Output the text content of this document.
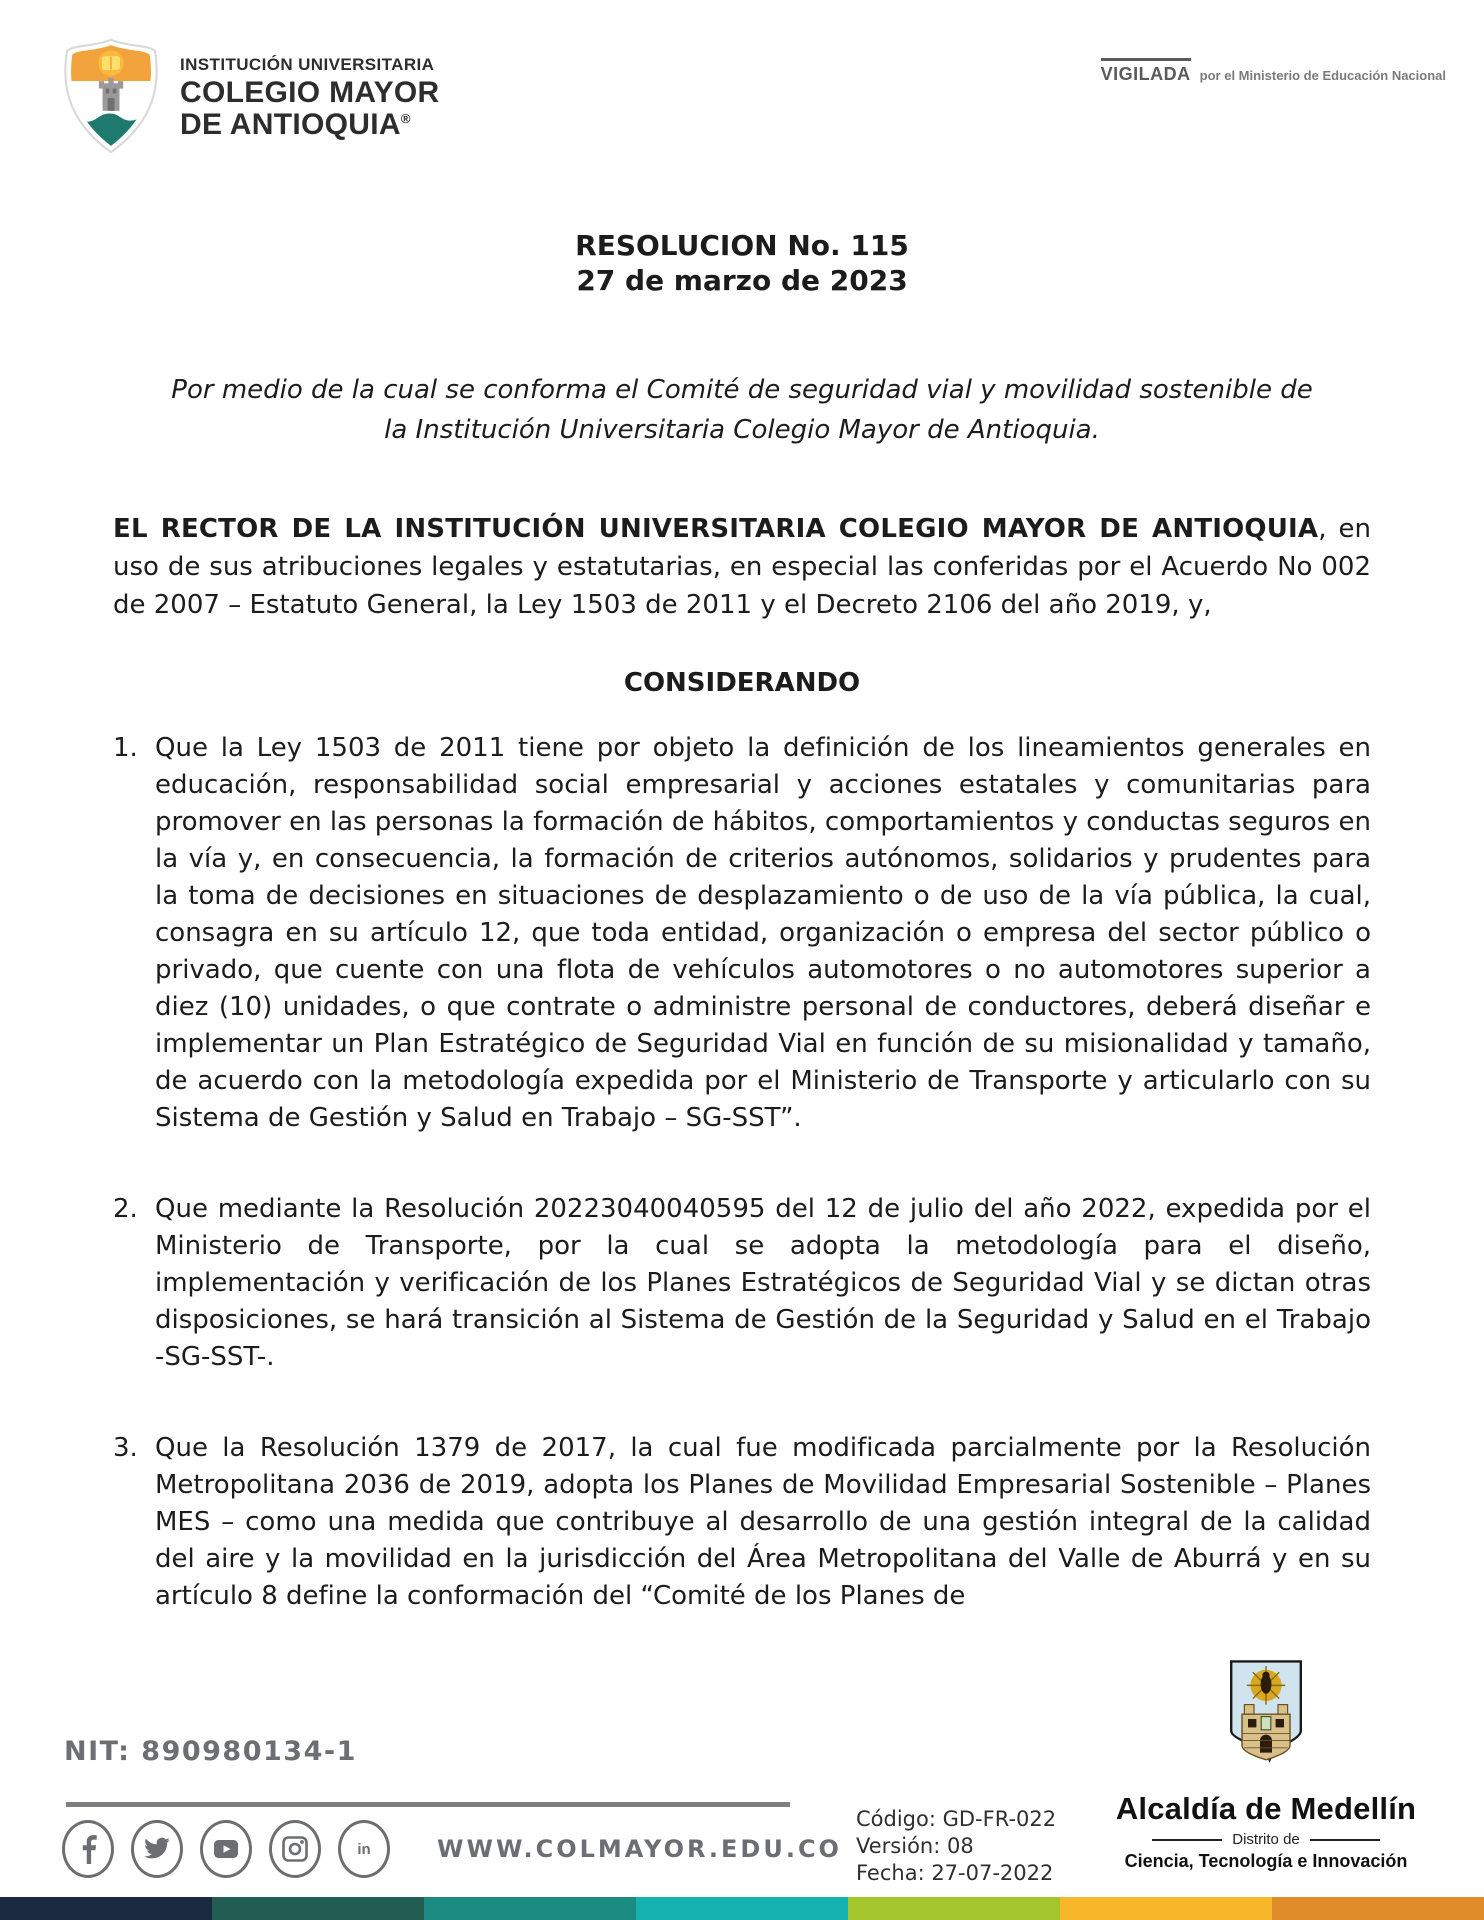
INSTITUCIÓN UNIVERSITARIA
COLEGIO MAYOR
DE ANTIOQUIA®
VIGILADA por el Ministerio de Educación Nacional
RESOLUCION No. 115
27 de marzo de 2023

Por medio de la cual se conforma el Comité de seguridad vial y movilidad sostenible de la Institución Universitaria Colegio Mayor de Antioquia.

EL RECTOR DE LA INSTITUCIÓN UNIVERSITARIA COLEGIO MAYOR DE ANTIOQUIA, en uso de sus atribuciones legales y estatutarias, en especial las conferidas por el Acuerdo No 002 de 2007 – Estatuto General, la Ley 1503 de 2011 y el Decreto 2106 del año 2019, y,

CONSIDERANDO
Que la Ley 1503 de 2011 tiene por objeto la definición de los lineamientos generales en educación, responsabilidad social empresarial y acciones estatales y comunitarias para promover en las personas la formación de hábitos, comportamientos y conductas seguros en la vía y, en consecuencia, la formación de criterios autónomos, solidarios y prudentes para la toma de decisiones en situaciones de desplazamiento o de uso de la vía pública, la cual, consagra en su artículo 12, que toda entidad, organización o empresa del sector público o privado, que cuente con una flota de vehículos automotores o no automotores superior a diez (10) unidades, o que contrate o administre personal de conductores, deberá diseñar e implementar un Plan Estratégico de Seguridad Vial en función de su misionalidad y tamaño, de acuerdo con la metodología expedida por el Ministerio de Transporte y articularlo con su Sistema de Gestión y Salud en Trabajo – SG-SST”.
Que mediante la Resolución 20223040040595 del 12 de julio del año 2022, expedida por el Ministerio de Transporte, por la cual se adopta la metodología para el diseño, implementación y verificación de los Planes Estratégicos de Seguridad Vial y se dictan otras disposiciones, se hará transición al Sistema de Gestión de la Seguridad y Salud en el Trabajo -SG-SST-.
Que la Resolución 1379 de 2017, la cual fue modificada parcialmente por la Resolución Metropolitana 2036 de 2019, adopta los Planes de Movilidad Empresarial Sostenible – Planes MES – como una medida que contribuye al desarrollo de una gestión integral de la calidad del aire y la movilidad en la jurisdicción del Área Metropolitana del Valle de Aburrá y en su artículo 8 define la conformación del “Comité de los Planes de
NIT: 890980134-1
in	WWW.COLMAYOR.EDU.CO
Código: GD-FR-022
Versión: 08
Fecha: 27-07-2022
Alcaldía de Medellín
Distrito de
Ciencia, Tecnología e Innovación
